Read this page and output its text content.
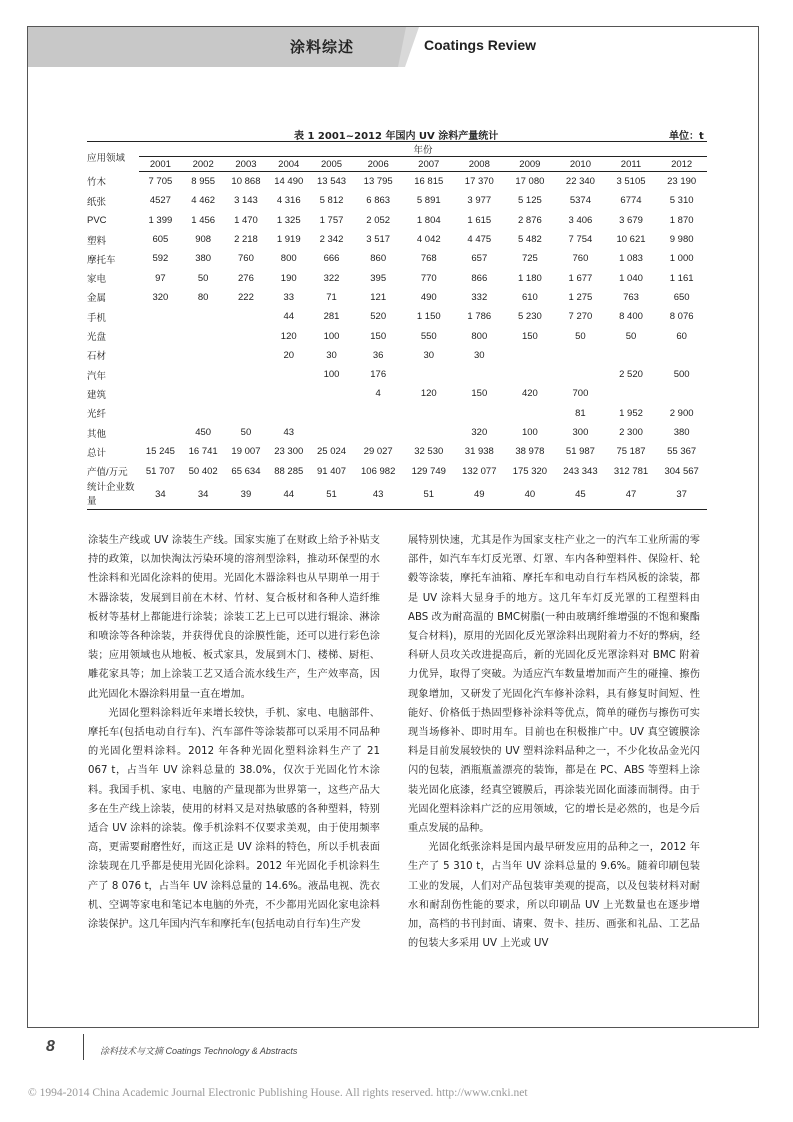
涂料综述	Coatings Review
表 1 2001~2012 年国内 UV 涂料产量统计	单位：t
应用领域	年份											
	2001	2002	2003	2004	2005	2006	2007	2008	2009	2010	2011	2012
竹木	7 705	8 955	10 868	14 490	13 543	13 795	16 815	17 370	17 080	22 340	3 5105	23 190
纸张	4527	4 462	3 143	4 316	5 812	6 863	5 891	3 977	5 125	5374	6774	5 310
PVC	1 399	1 456	1 470	1 325	1 757	2 052	1 804	1 615	2 876	3 406	3 679	1 870
塑料	605	908	2 218	1 919	2 342	3 517	4 042	4 475	5 482	7 754	10 621	9 980
摩托车	592	380	760	800	666	860	768	657	725	760	1 083	1 000
家电	97	50	276	190	322	395	770	866	1 180	1 677	1 040	1 161
金属	320	80	222	33	71	121	490	332	610	1 275	763	650
手机				44	281	520	1 150	1 786	5 230	7 270	8 400	8 076
光盘				120	100	150	550	800	150	50	50	60
石材				20	30	36	30	30				
汽年					100	176					2 520	500
建筑						4	120	150	420	700		
光纤										81	1 952	2 900
其他		450	50	43				320	100	300	2 300	380
总计	15 245	16 741	19 007	23 300	25 024	29 027	32 530	31 938	38 978	51 987	75 187	55 367
产值/万元	51 707	50 402	65 634	88 285	91 407	106 982	129 749	132 077	175 320	243 343	312 781	304 567
统计企业数量	34	34	39	44	51	43	51	49	40	45	47	37

涂装生产线或 UV 涂装生产线。国家实施了在财政上给予补贴支持的政策，以加快淘汰污染环境的溶剂型涂料，推动环保型的水性涂料和光固化涂料的使用。光固化木器涂料也从早期单一用于木器涂装，发展到目前在木材、竹材、复合板材和各种人造纤维板材等基材上都能进行涂装；涂装工艺上已可以进行辊涂、淋涂和喷涂等各种涂装，并获得优良的涂膜性能，还可以进行彩色涂装；应用领域也从地板、板式家具，发展到木门、楼梯、厨柜、雕花家具等；加上涂装工艺又适合流水线生产，生产效率高，因此光固化木器涂料用量一直在增加。

光固化塑料涂料近年来增长较快，手机、家电、电脑部件、摩托车(包括电动自行车)、汽车部件等涂装都可以采用不同品种的光固化塑料涂料。2012 年各种光固化塑料涂料生产了 21 067 t，占当年 UV 涂料总量的 38.0%，仅次于光固化竹木涂料。我国手机、家电、电脑的产量现都为世界第一，这些产品大多在生产线上涂装，使用的材料又是对热敏感的各种塑料，特别适合 UV 涂料的涂装。像手机涂料不仅要求美观，由于使用频率高，更需要耐磨性好，而这正是 UV 涂料的特色，所以手机表面涂装现在几乎都是使用光固化涂料。2012 年光固化手机涂料生产了 8 076 t，占当年 UV 涂料总量的 14.6%。液晶电视、洗衣机、空调等家电和笔记本电脑的外壳，不少都用光固化家电涂料涂装保护。这几年国内汽车和摩托车(包括电动自行车)生产发

展特别快速，尤其是作为国家支柱产业之一的汽车工业所需的零部件，如汽车车灯反光罩、灯罩、车内各种塑料件、保险杆、轮毂等涂装，摩托车油箱、摩托车和电动自行车档风板的涂装，都是 UV 涂料大显身手的地方。这几年车灯反光罩的工程塑料由ABS 改为耐高温的 BMC树脂(一种由玻璃纤维增强的不饱和聚酯复合材料)，原用的光固化反光罩涂料出现附着力不好的弊病，经科研人员攻关改进提高后，新的光固化反光罩涂料对 BMC 附着力优异，取得了突破。为适应汽车数量增加而产生的碰撞、擦伤现象增加，又研发了光固化汽车修补涂料，具有修复时间短、性能好、价格低于热固型修补涂料等优点，简单的碰伤与擦伤可实现当场修补、即时用车。目前也在积极推广中。UV 真空镀膜涂料是目前发展较快的 UV 塑料涂料品种之一，不少化妆品金光闪闪的包装，酒瓶瓶盖漂亮的装饰，都是在 PC、ABS 等塑料上涂装光固化底漆，经真空镀膜后，再涂装光固化面漆而制得。由于光固化塑料涂料广泛的应用领域，它的增长是必然的，也是今后重点发展的品种。

光固化纸张涂料是国内最早研发应用的品种之一，2012 年生产了 5 310 t，占当年 UV 涂料总量的 9.6%。随着印刷包装工业的发展，人们对产品包装审美观的提高，以及包装材料对耐水和耐刮伤性能的要求，所以印刷品 UV 上光数量也在逐步增加，高档的书刊封面、请柬、贺卡、挂历、画张和礼品、工艺品的包装大多采用 UV 上光或 UV

8	涂料技术与文摘 Coatings Technology & Abstracts
© 1994-2014 China Academic Journal Electronic Publishing House. All rights reserved. http://www.cnki.net
